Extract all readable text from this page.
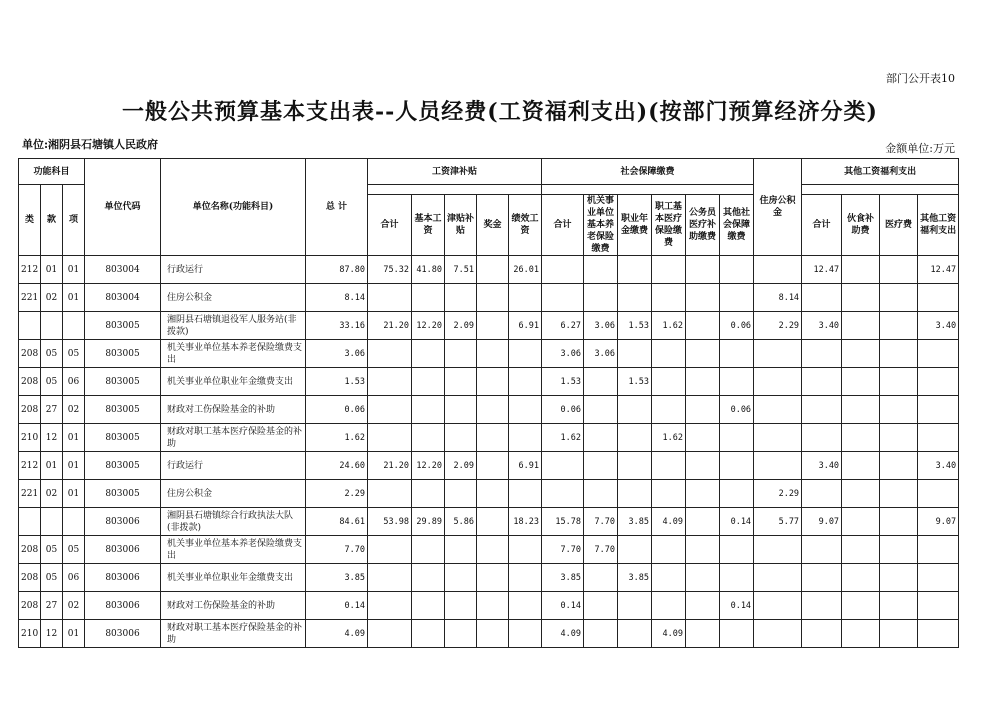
部门公开表10
一般公共预算基本支出表--人员经费(工资福利支出)(按部门预算经济分类)
单位:湘阴县石塘镇人民政府	金额单位:万元
功能科目			单位代码	单位名称(功能科目)	总 计	工资津补贴					社会保障缴费						住房公积金	其他工资福利支出			
类	款	项																			
						合计	基本工资	津贴补贴	奖金	绩效工资	合计	机关事业单位基本养老保险缴费	职业年金缴费	职工基本医疗保险缴费	公务员医疗补助缴费	其他社会保障缴费		合计	伙食补助费	医疗费	其他工资福利支出
212	01	01	803004	行政运行	87.80	75.32	41.80	7.51		26.01								12.47			12.47
221	02	01	803004	住房公积金	8.14												8.14				
			803005	湘阴县石塘镇退役军人服务站(非拨款)	33.16	21.20	12.20	2.09		6.91	6.27	3.06	1.53	1.62		0.06	2.29	3.40			3.40
208	05	05	803005	机关事业单位基本养老保险缴费支出	3.06						3.06	3.06									
208	05	06	803005	机关事业单位职业年金缴费支出	1.53						1.53		1.53								
208	27	02	803005	财政对工伤保险基金的补助	0.06						0.06					0.06					
210	12	01	803005	财政对职工基本医疗保险基金的补助	1.62						1.62			1.62							
212	01	01	803005	行政运行	24.60	21.20	12.20	2.09		6.91								3.40			3.40
221	02	01	803005	住房公积金	2.29												2.29				
			803006	湘阴县石塘镇综合行政执法大队(非拨款)	84.61	53.98	29.89	5.86		18.23	15.78	7.70	3.85	4.09		0.14	5.77	9.07			9.07
208	05	05	803006	机关事业单位基本养老保险缴费支出	7.70						7.70	7.70									
208	05	06	803006	机关事业单位职业年金缴费支出	3.85						3.85		3.85								
208	27	02	803006	财政对工伤保险基金的补助	0.14						0.14					0.14					
210	12	01	803006	财政对职工基本医疗保险基金的补助	4.09						4.09			4.09							
